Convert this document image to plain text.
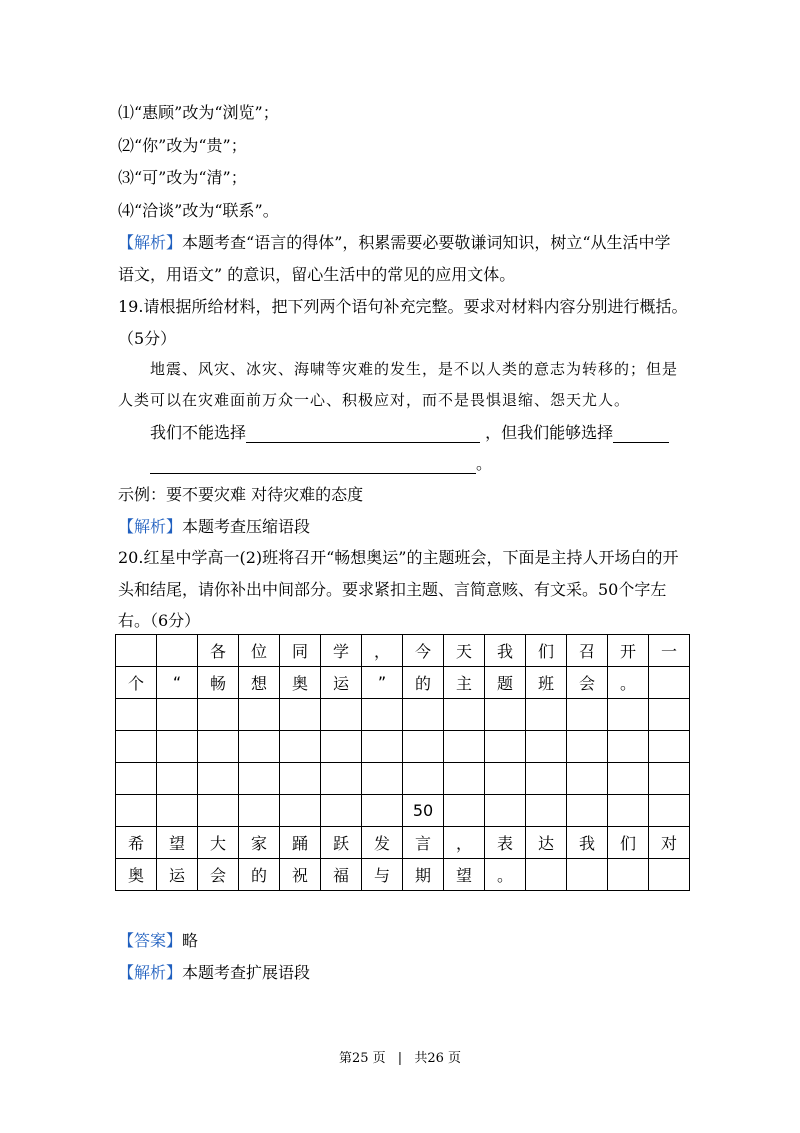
⑴“惠顾”改为“浏览”；
⑵“你”改为“贵”；
⑶“可”改为“清”；
⑷“洽谈”改为“联系”。
【解析】本题考查“语言的得体”，积累需要必要敬谦词知识，树立“从生活中学
语文，用语文” 的意识，留心生活中的常见的应用文体。
19.请根据所给材料，把下列两个语句补充完整。要求对材料内容分别进行概括。
（5分）
地震、风灾、冰灾、海啸等灾难的发生，是不以人类的意志为转移的；但是
人类可以在灾难面前万众一心、积极应对，而不是畏惧退缩、怨天尤人。
我们不能选择	，但我们能够选择
。
示例：要不要灾难 对待灾难的态度
【解析】本题考查压缩语段
20.红星中学高一(2)班将召开“畅想奥运”的主题班会，下面是主持人开场白的开
头和结尾，请你补出中间部分。要求紧扣主题、言简意赅、有文采。50个字左
右。（6分）
		各	位	同	学	，	今	天	我	们	召	开	一
个	“	畅	想	奥	运	”	的	主	题	班	会	。	

							50						
希	望	大	家	踊	跃	发	言	，	表	达	我	们	对
奥	运	会	的	祝	福	与	期	望	。				
【答案】略
【解析】本题考查扩展语段
第25 页 | 共26 页
